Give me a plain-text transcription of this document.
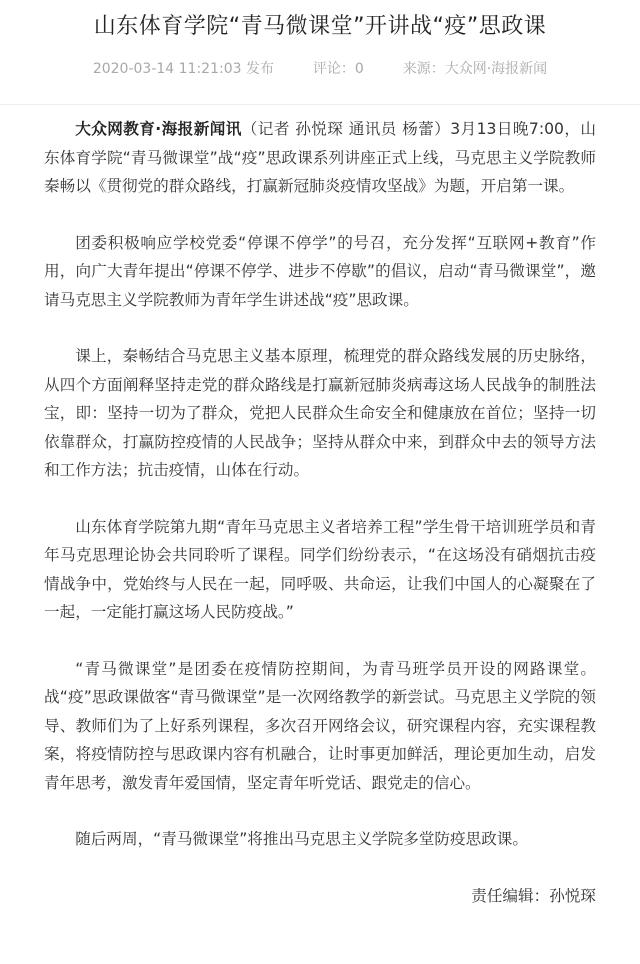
山东体育学院“青马微课堂”开讲战“疫”思政课
2020-03-14 11:21:03 发布	评论：0	来源：大众网·海报新闻

大众网教育·海报新闻讯（记者 孙悦琛 通讯员 杨蕾）3月13日晚7:00，山东体育学院“青马微课堂”战“疫”思政课系列讲座正式上线，马克思主义学院教师秦畅以《贯彻党的群众路线，打赢新冠肺炎疫情攻坚战》为题，开启第一课。

团委积极响应学校党委“停课不停学”的号召，充分发挥“互联网+教育”作用，向广大青年提出“停课不停学、进步不停歇”的倡议，启动“青马微课堂”，邀请马克思主义学院教师为青年学生讲述战“疫”思政课。

课上，秦畅结合马克思主义基本原理，梳理党的群众路线发展的历史脉络，从四个方面阐释坚持走党的群众路线是打赢新冠肺炎病毒这场人民战争的制胜法宝，即：坚持一切为了群众，党把人民群众生命安全和健康放在首位；坚持一切依靠群众，打赢防控疫情的人民战争；坚持从群众中来，到群众中去的领导方法和工作方法；抗击疫情，山体在行动。

山东体育学院第九期“青年马克思主义者培养工程”学生骨干培训班学员和青年马克思理论协会共同聆听了课程。同学们纷纷表示，“在这场没有硝烟抗击疫情战争中，党始终与人民在一起，同呼吸、共命运，让我们中国人的心凝聚在了一起，一定能打赢这场人民防疫战。”

“青马微课堂”是团委在疫情防控期间，为青马班学员开设的网路课堂。战“疫”思政课做客“青马微课堂”是一次网络教学的新尝试。马克思主义学院的领导、教师们为了上好系列课程，多次召开网络会议，研究课程内容，充实课程教案，将疫情防控与思政课内容有机融合，让时事更加鲜活，理论更加生动，启发青年思考，激发青年爱国情，坚定青年听党话、跟党走的信心。

随后两周，“青马微课堂”将推出马克思主义学院多堂防疫思政课。

责任编辑：孙悦琛
